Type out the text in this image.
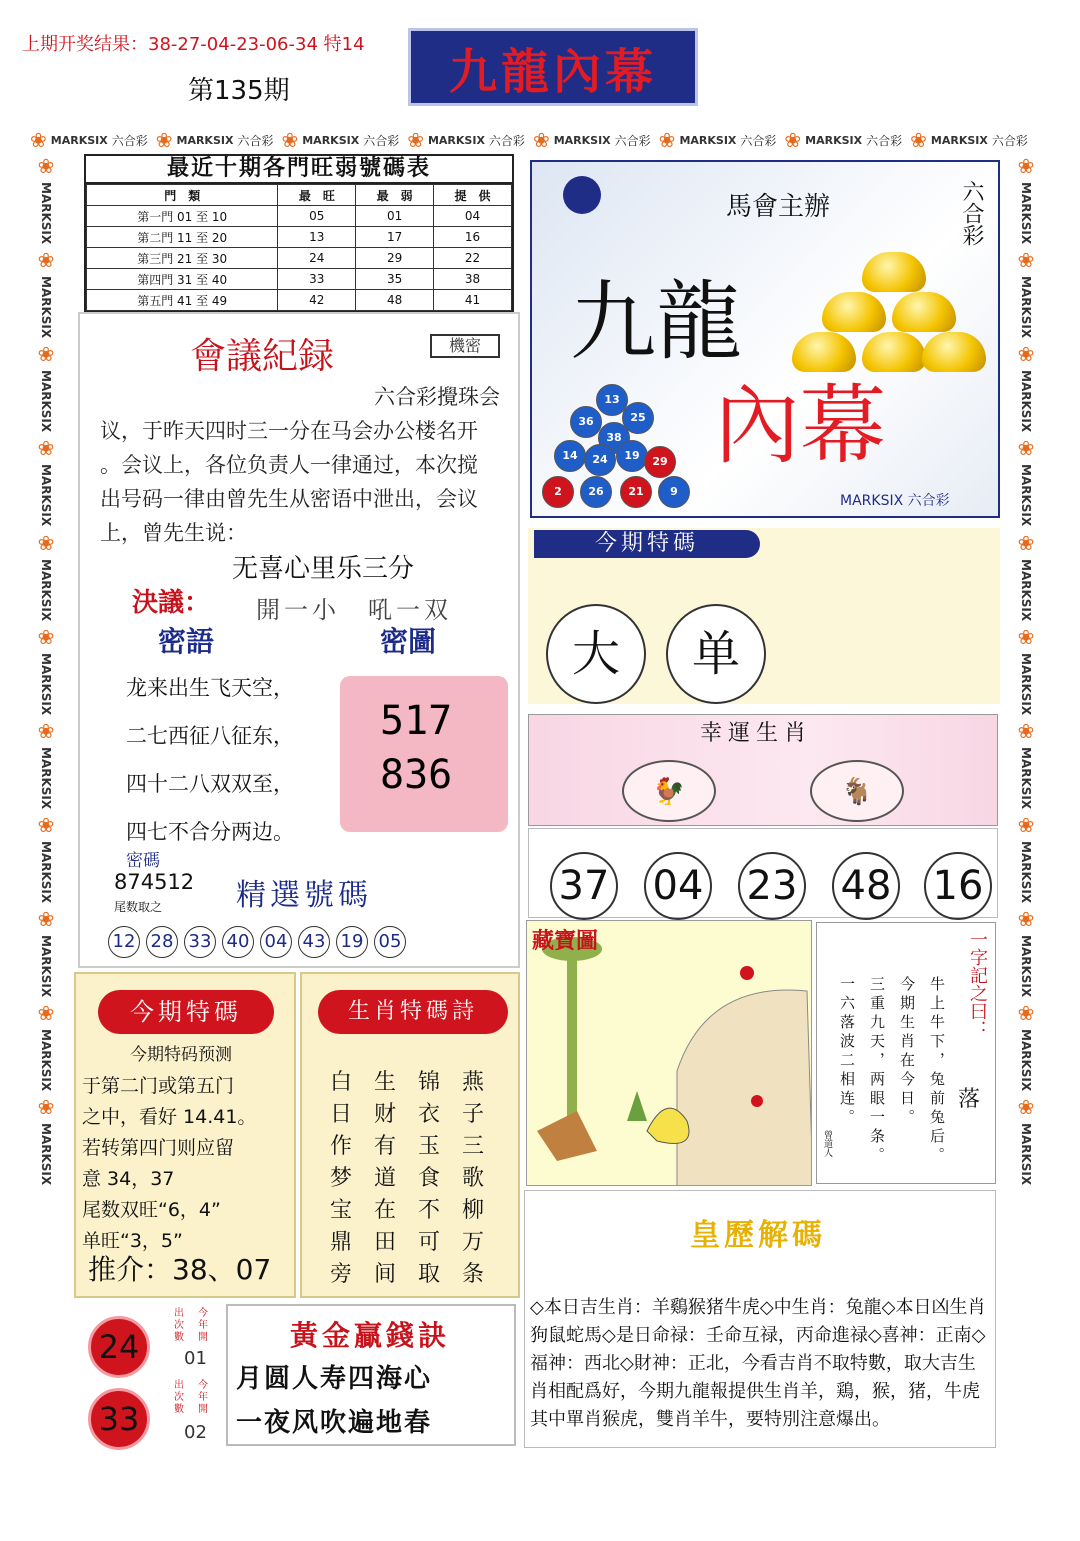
上期开奖结果：38-27-04-23-06-34 特14
第135期	九龍內幕
❀ MARKSIX 六合彩 ❀ MARKSIX 六合彩 ❀ MARKSIX 六合彩 ❀ MARKSIX 六合彩 ❀ MARKSIX 六合彩 ❀ MARKSIX 六合彩 ❀ MARKSIX 六合彩 ❀ MARKSIX 六合彩
❀
MARKSIX
❀
MARKSIX
❀
MARKSIX
❀
MARKSIX
❀
MARKSIX
❀
MARKSIX
❀
MARKSIX
❀
MARKSIX
❀
MARKSIX
❀
MARKSIX
❀
MARKSIX
❀
MARKSIX
❀
MARKSIX
❀
MARKSIX
❀
MARKSIX
❀
MARKSIX
❀
MARKSIX
❀
MARKSIX
❀
MARKSIX
❀
MARKSIX
❀
MARKSIX
❀
MARKSIX
最近十期各門旺弱號碼表
門　類	最　旺	最　弱	提　供
第一門 01 至 10	05	01	04
第二門 11 至 20	13	17	16
第三門 21 至 30	24	29	22
第四門 31 至 40	33	35	38
第五門 41 至 49	42	48	41
會議紀録	機密
六合彩攪珠会
议，于昨天四时三一分在马会办公楼名开
。会议上，各位负责人一律通过，本次搅
出号码一律由曾先生从密语中泄出，会议
上，曾先生说：
无喜心里乐三分
決議： 開一小　吼一双
密語	密圖
龙来出生飞天空，
二七西征八征东，
四十二八双双至，
四七不合分两边。
517
836
密碼
874512
尾数取之 精選號碼
12 28 33 40 04 43 19 05
馬會主辦	六合彩
九龍
內幕
MARKSIX 六合彩
13
25
36
38
14	24	19	29
2	26	21	9
今期特碼
大	单
幸運生肖
🐓	🐐
37 04 23 48 16
藏寶圖	一字記之曰：
落
牛上牛下，兔前兔后。
今期生肖在今日。
三重九天，两眼一条。
一六落波二相连。
曾道人
今期特碼
今期特码预测
于第二门或第五门
之中，看好 14.41。
若转第四门则应留
意 34，37
尾数双旺“6，4”
单旺“3，5”
推介：38、07
生肖特碼詩
白 生 锦 燕
日 财 衣 子
作 有 玉 三
梦 道 食 歌
宝 在 不 柳
鼎 田 可 万
旁 间 取 条
皇歷解碼
◇本日吉生肖：羊鷄猴猪牛虎◇中生肖：兔龍◇本日凶生肖狗鼠蛇馬◇是日命禄：壬命互禄，丙命進禄◇喜神：正南◇福神：西北◇財神：正北，今看吉肖不取特數，取大吉生肖相配爲好，今期九龍報提供生肖羊，鶏，猴，猪，牛虎其中單肖猴虎，雙肖羊牛，要特別注意爆出。
24
出次數
今年開
01
33
出次數
今年開
02
黃金贏錢訣
月圆人寿四海心
一夜风吹遍地春
